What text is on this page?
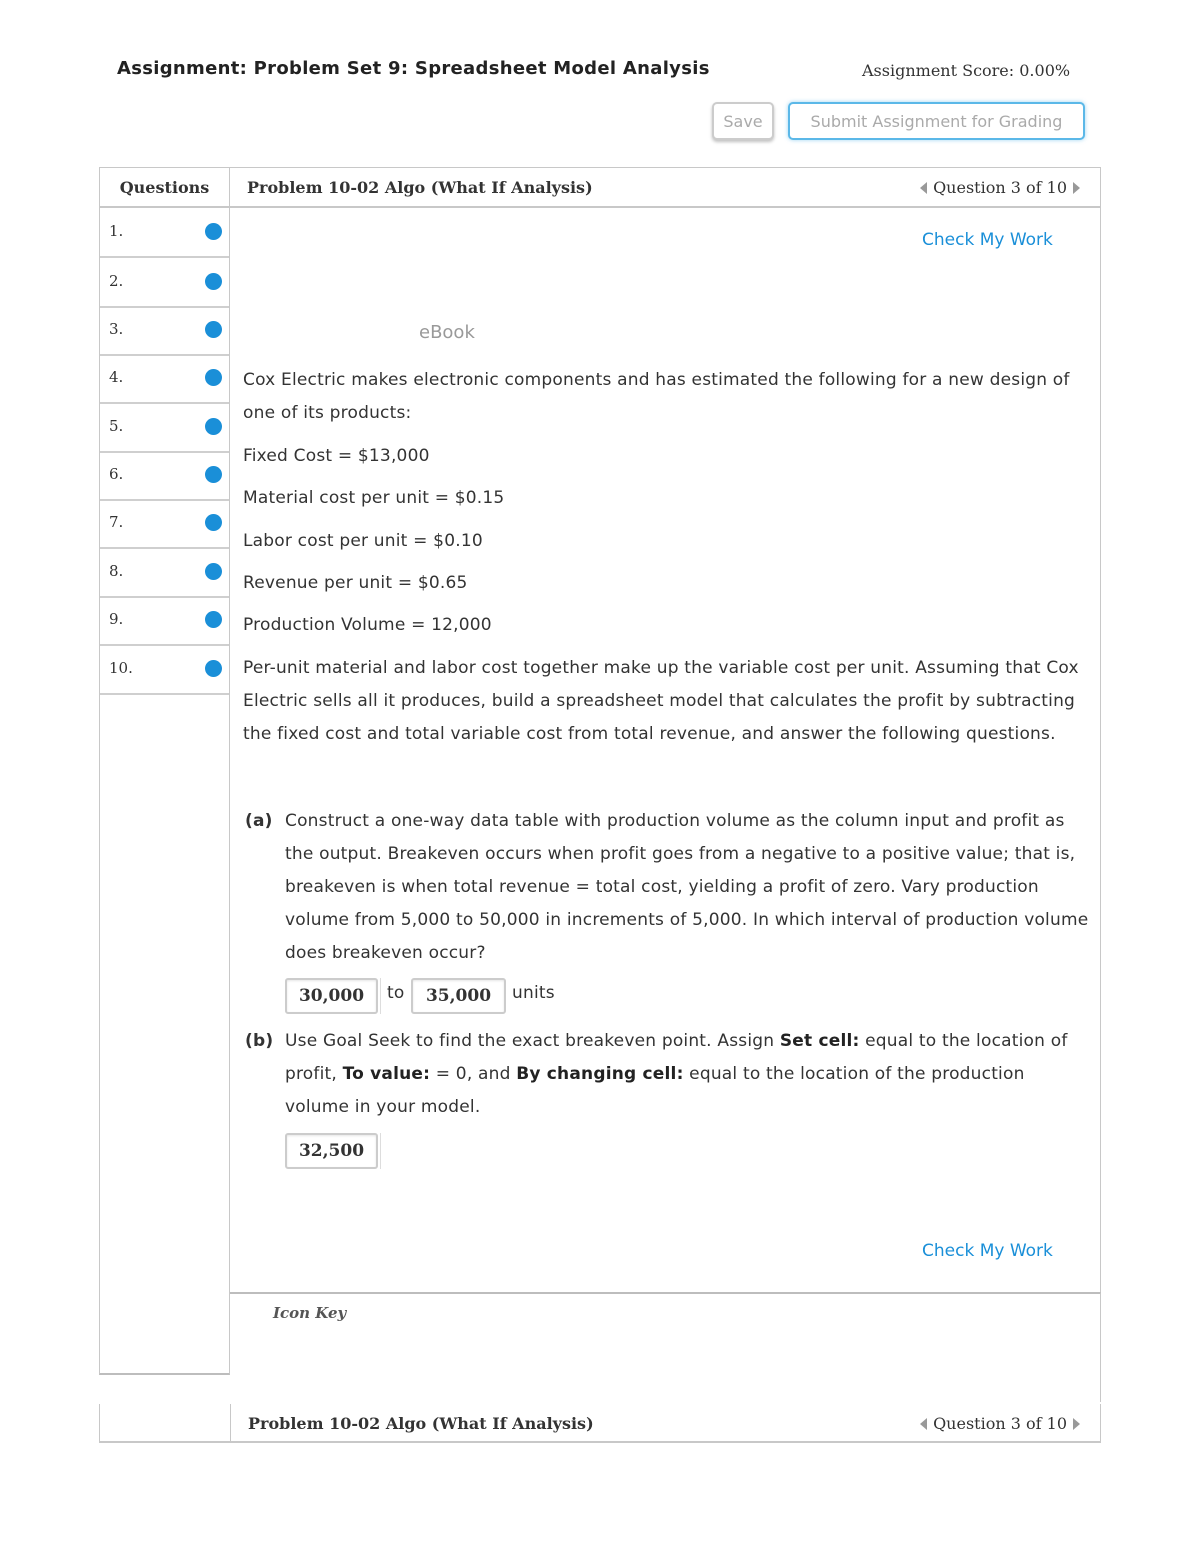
Assignment: Problem Set 9: Spreadsheet Model Analysis	Assignment Score: 0.00%
Save	Submit Assignment for Grading
Questions
1.
2.
3.
4.
5.
6.
7.
8.
9.
10.
Problem 10-02 Algo (What If Analysis)	Question 3 of 10
Check My Work
eBook
Cox Electric makes electronic components and has estimated the following for a new design of one of its products:
Fixed Cost = $13,000
Material cost per unit = $0.15
Labor cost per unit = $0.10
Revenue per unit = $0.65
Production Volume = 12,000
Per-unit material and labor cost together make up the variable cost per unit. Assuming that Cox Electric sells all it produces, build a spreadsheet model that calculates the profit by subtracting the fixed cost and total variable cost from total revenue, and answer the following questions.
(a) Construct a one-way data table with production volume as the column input and profit as the output. Breakeven occurs when profit goes from a negative to a positive value; that is, breakeven is when total revenue = total cost, yielding a profit of zero. Vary production volume from 5,000 to 50,000 in increments of 5,000. In which interval of production volume does breakeven occur?
30,000	to	35,000	units
(b) Use Goal Seek to find the exact breakeven point. Assign Set cell: equal to the location of profit, To value: = 0, and By changing cell: equal to the location of the production volume in your model.
32,500
Check My Work
Icon Key
Problem 10-02 Algo (What If Analysis)	Question 3 of 10
